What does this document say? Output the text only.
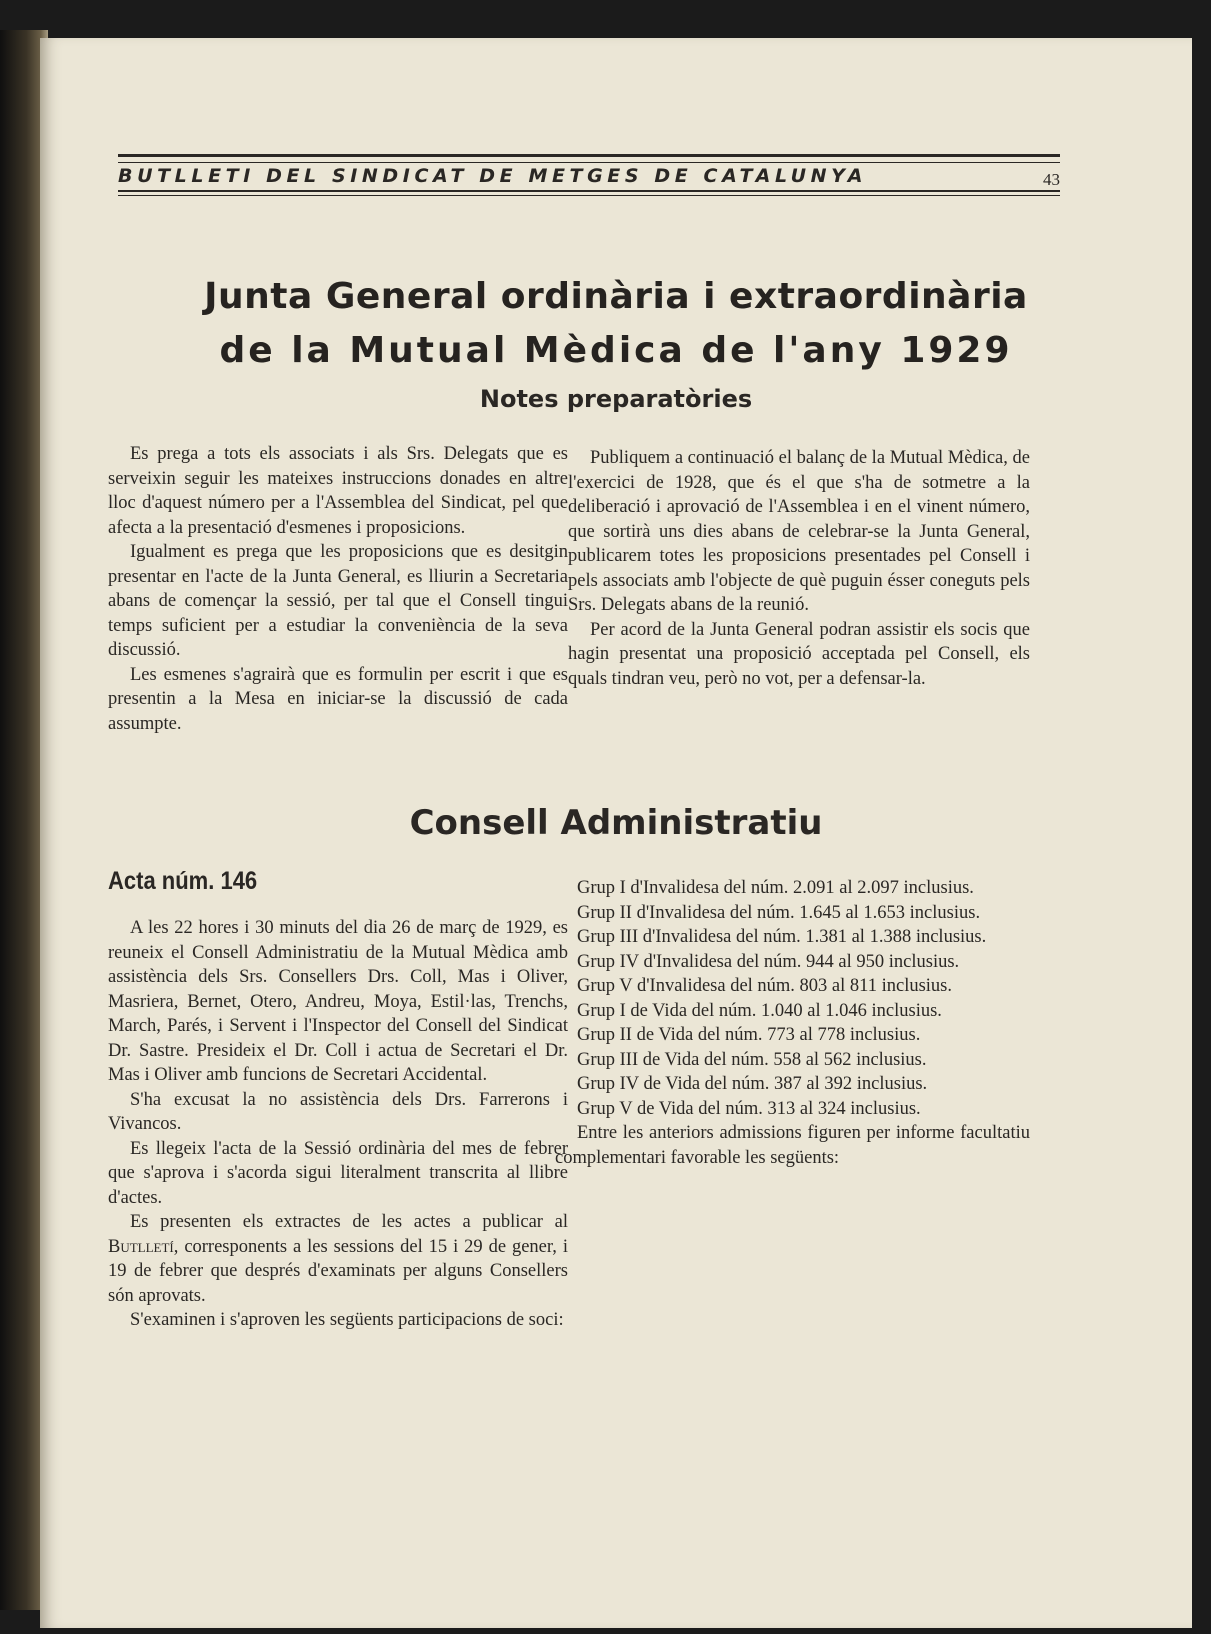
BUTLLETI DEL SINDICAT DE METGES DE CATALUNYA	43
Junta General ordinària i extraordinària
de la Mutual Mèdica de l'any 1929
Notes preparatòries

Es prega a tots els associats i als Srs. Delegats que es serveixin seguir les mateixes instruccions donades en altre lloc d'aquest número per a l'Assemblea del Sindicat, pel que afecta a la presentació d'esmenes i proposicions.

Igualment es prega que les proposicions que es desitgin presentar en l'acte de la Junta General, es lliurin a Secretaria abans de començar la sessió, per tal que el Consell tingui temps suficient per a estudiar la conveniència de la seva discussió.

Les esmenes s'agrairà que es formulin per escrit i que es presentin a la Mesa en iniciar-se la discussió de cada assumpte.

Publiquem a continuació el balanç de la Mutual Mèdica, de l'exercici de 1928, que és el que s'ha de sotmetre a la deliberació i aprovació de l'Assemblea i en el vinent número, que sortirà uns dies abans de celebrar-se la Junta General, publicarem totes les proposicions presentades pel Consell i pels associats amb l'objecte de què puguin ésser coneguts pels Srs. Delegats abans de la reunió.

Per acord de la Junta General podran assistir els socis que hagin presentat una proposició acceptada pel Consell, els quals tindran veu, però no vot, per a defensar-la.

Consell Administratiu
Acta núm. 146

A les 22 hores i 30 minuts del dia 26 de març de 1929, es reuneix el Consell Administratiu de la Mutual Mèdica amb assistència dels Srs. Consellers Drs. Coll, Mas i Oliver, Masriera, Bernet, Otero, Andreu, Moya, Estil·las, Trenchs, March, Parés, i Servent i l'Inspector del Consell del Sindicat Dr. Sastre. Presideix el Dr. Coll i actua de Secretari el Dr. Mas i Oliver amb funcions de Secretari Accidental.

S'ha excusat la no assistència dels Drs. Farrerons i Vivancos.

Es llegeix l'acta de la Sessió ordinària del mes de febrer que s'aprova i s'acorda sigui literalment transcrita al llibre d'actes.

Es presenten els extractes de les actes a publicar al Butlletí, corresponents a les sessions del 15 i 29 de gener, i 19 de febrer que després d'examinats per alguns Consellers són aprovats.

S'examinen i s'aproven les següents participacions de soci:

Grup I d'Invalidesa del núm. 2.091 al 2.097 inclusius.

Grup II d'Invalidesa del núm. 1.645 al 1.653 inclusius.

Grup III d'Invalidesa del núm. 1.381 al 1.388 inclusius.

Grup IV d'Invalidesa del núm. 944 al 950 inclusius.

Grup V d'Invalidesa del núm. 803 al 811 inclusius.

Grup I de Vida del núm. 1.040 al 1.046 inclusius.

Grup II de Vida del núm. 773 al 778 inclusius.

Grup III de Vida del núm. 558 al 562 inclusius.

Grup IV de Vida del núm. 387 al 392 inclusius.

Grup V de Vida del núm. 313 al 324 inclusius.

Entre les anteriors admissions figuren per informe facultatiu complementari favorable les següents:
